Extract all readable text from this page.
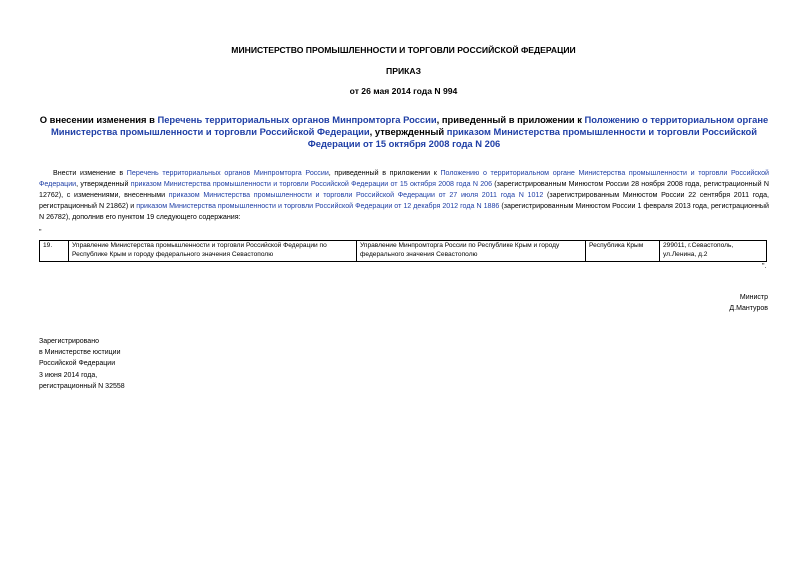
МИНИСТЕРСТВО ПРОМЫШЛЕННОСТИ И ТОРГОВЛИ РОССИЙСКОЙ ФЕДЕРАЦИИ
ПРИКАЗ
от 26 мая 2014 года N 994
О внесении изменения в Перечень территориальных органов Минпромторга России, приведенный в приложении к Положению о территориальном органе Министерства промышленности и торговли Российской Федерации, утвержденный приказом Министерства промышленности и торговли Российской Федерации от 15 октября 2008 года N 206
Внести изменение в Перечень территориальных органов Минпромторга России, приведенный в приложении к Положению о территориальном органе Министерства промышленности и торговли Российской Федерации, утвержденный приказом Министерства промышленности и торговли Российской Федерации от 15 октября 2008 года N 206 (зарегистрированным Минюстом России 28 ноября 2008 года, регистрационный N 12762), с изменениями, внесенными приказом Министерства промышленности и торговли Российской Федерации от 27 июля 2011 года N 1012 (зарегистрированным Минюстом России 22 сентября 2011 года, регистрационный N 21862) и приказом Министерства промышленности и торговли Российской Федерации от 12 декабря 2012 года N 1886 (зарегистрированным Минюстом России 1 февраля 2013 года, регистрационный N 26782), дополнив его пунктом 19 следующего содержания:
"
19.	Управление Министерства промышленности и торговли Российской Федерации по Республике Крым и городу федерального значения Севастополю	Управление Минпромторга России по Республике Крым и городу федерального значения Севастополю	Республика Крым	299011, г.Севастополь, ул.Ленина, д.2
".
Министр
Д.Мантуров
Зарегистрировано
в Министерстве юстиции
Российской Федерации
3 июня 2014 года,
регистрационный N 32558
